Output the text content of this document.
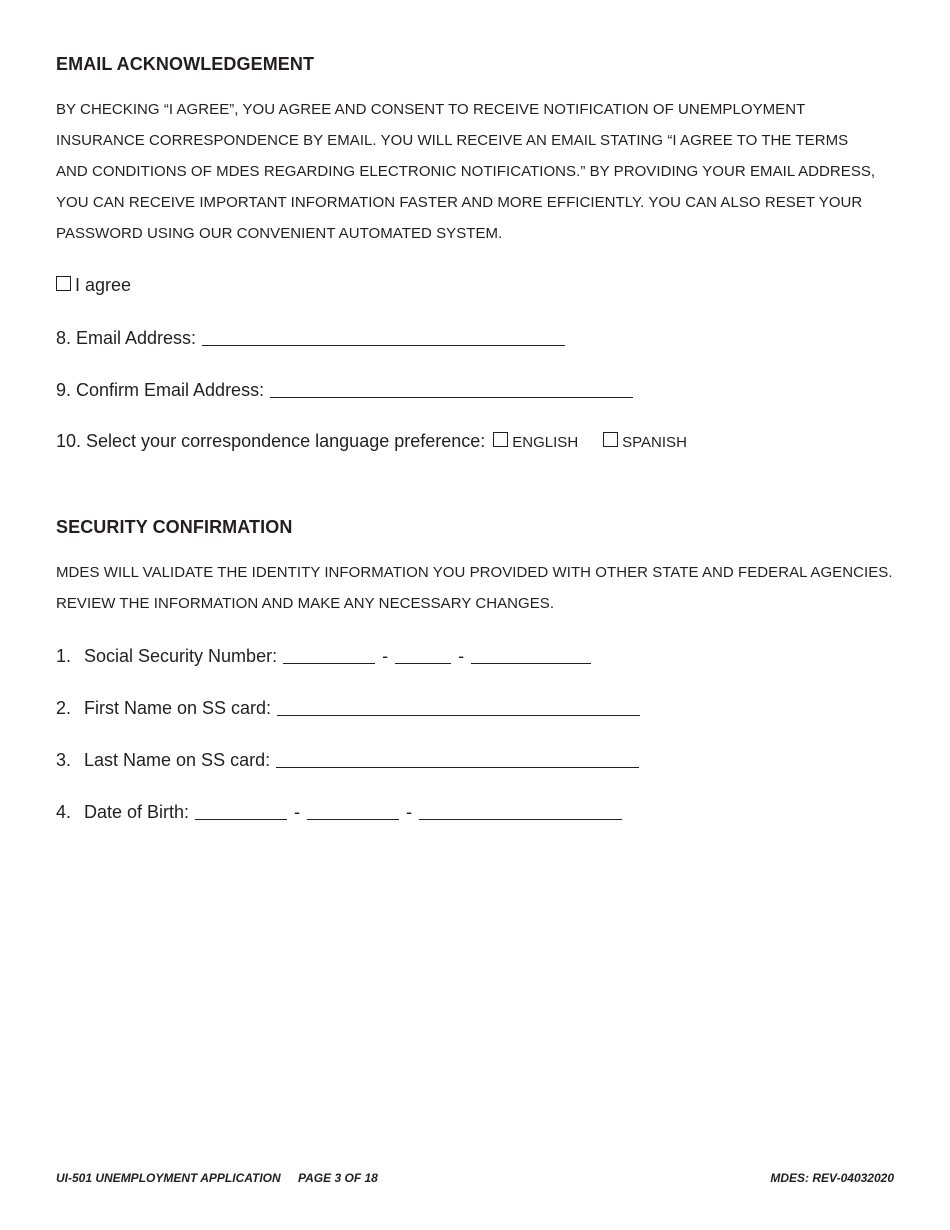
EMAIL ACKNOWLEDGEMENT
BY CHECKING “I AGREE”, YOU AGREE AND CONSENT TO RECEIVE NOTIFICATION OF UNEMPLOYMENT
INSURANCE CORRESPONDENCE BY EMAIL. YOU WILL RECEIVE AN EMAIL STATING “I AGREE TO THE TERMS
AND CONDITIONS OF MDES REGARDING ELECTRONIC NOTIFICATIONS.” BY PROVIDING YOUR EMAIL ADDRESS,
YOU CAN RECEIVE IMPORTANT INFORMATION FASTER AND MORE EFFICIENTLY. YOU CAN ALSO RESET YOUR
PASSWORD USING OUR CONVENIENT AUTOMATED SYSTEM.
I agree
8. Email Address:
9. Confirm Email Address:
10. Select your correspondence language preference: ENGLISH	SPANISH
SECURITY CONFIRMATION
MDES WILL VALIDATE THE IDENTITY INFORMATION YOU PROVIDED WITH OTHER STATE AND FEDERAL AGENCIES.
REVIEW THE INFORMATION AND MAKE ANY NECESSARY CHANGES.
1. Social Security Number:	-	-
2. First Name on SS card:
3. Last Name on SS card:
4. Date of Birth:	-	-
UI-501 UNEMPLOYMENT APPLICATION PAGE 3 OF 18	MDES: REV-04032020
